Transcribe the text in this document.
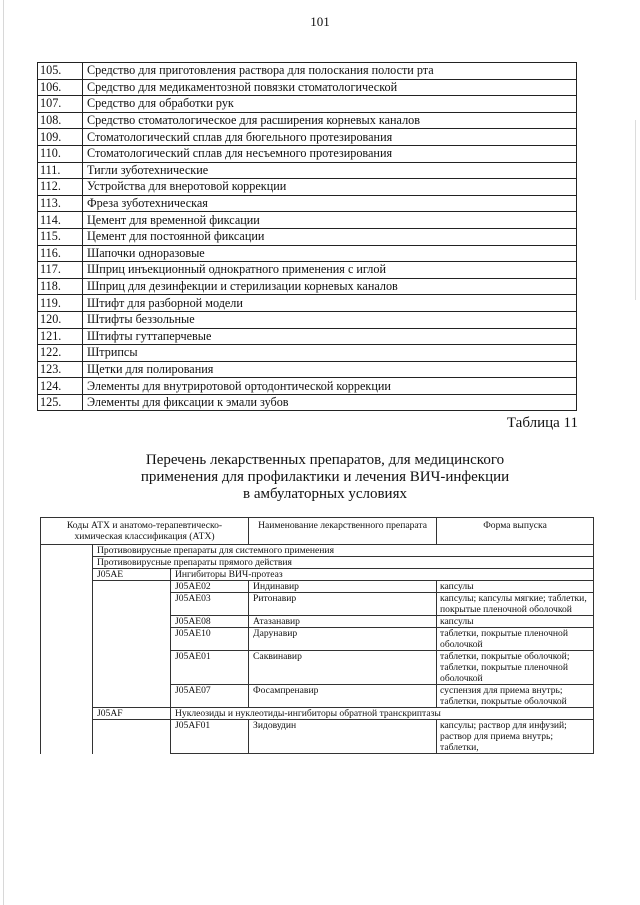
101
105.	Средство для приготовления раствора для полоскания полости рта
106.	Средство для медикаментозной повязки стоматологической
107.	Средство для обработки рук
108.	Средство стоматологическое для расширения корневых каналов
109.	Стоматологический сплав для бюгельного протезирования
110.	Стоматологический сплав для несъемного протезирования
111.	Тигли зуботехнические
112.	Устройства для внеротовой коррекции
113.	Фреза зуботехническая
114.	Цемент для временной фиксации
115.	Цемент для постоянной фиксации
116.	Шапочки одноразовые
117.	Шприц инъекционный однократного применения с иглой
118.	Шприц для дезинфекции и стерилизации корневых каналов
119.	Штифт для разборной модели
120.	Штифты беззольные
121.	Штифты гуттаперчевые
122.	Штрипсы
123.	Щетки для полирования
124.	Элементы для внутриротовой ортодонтической коррекции
125.	Элементы для фиксации к эмали зубов
Таблица 11
Перечень лекарственных препаратов, для медицинского
применения для профилактики и лечения ВИЧ-инфекции
в амбулаторных условиях
Коды АТХ и анатомо-терапевтическо-химическая классификация (АТХ)			Наименование лекарственного препарата	Форма выпуска
	Противовирусные препараты для системного применения			
	Противовирусные препараты прямого действия			
	J05AE	Ингибиторы ВИЧ-протеаз		
		J05AE02	Индинавир	капсулы
		J05AE03	Ритонавир	капсулы; капсулы мягкие; таблетки, покрытые пленочной оболочкой
		J05AE08	Атазанавир	капсулы
		J05AE10	Дарунавир	таблетки, покрытые пленочной оболочкой
		J05AE01	Саквинавир	таблетки, покрытые оболочкой; таблетки, покрытые пленочной оболочкой
		J05AE07	Фосампренавир	суспензия для приема внутрь; таблетки, покрытые оболочкой
	J05AF	Нуклеозиды и нуклеотиды-ингибиторы обратной транскриптазы		
		J05AF01	Зидовудин	капсулы; раствор для инфузий; раствор для приема внутрь; таблетки,
